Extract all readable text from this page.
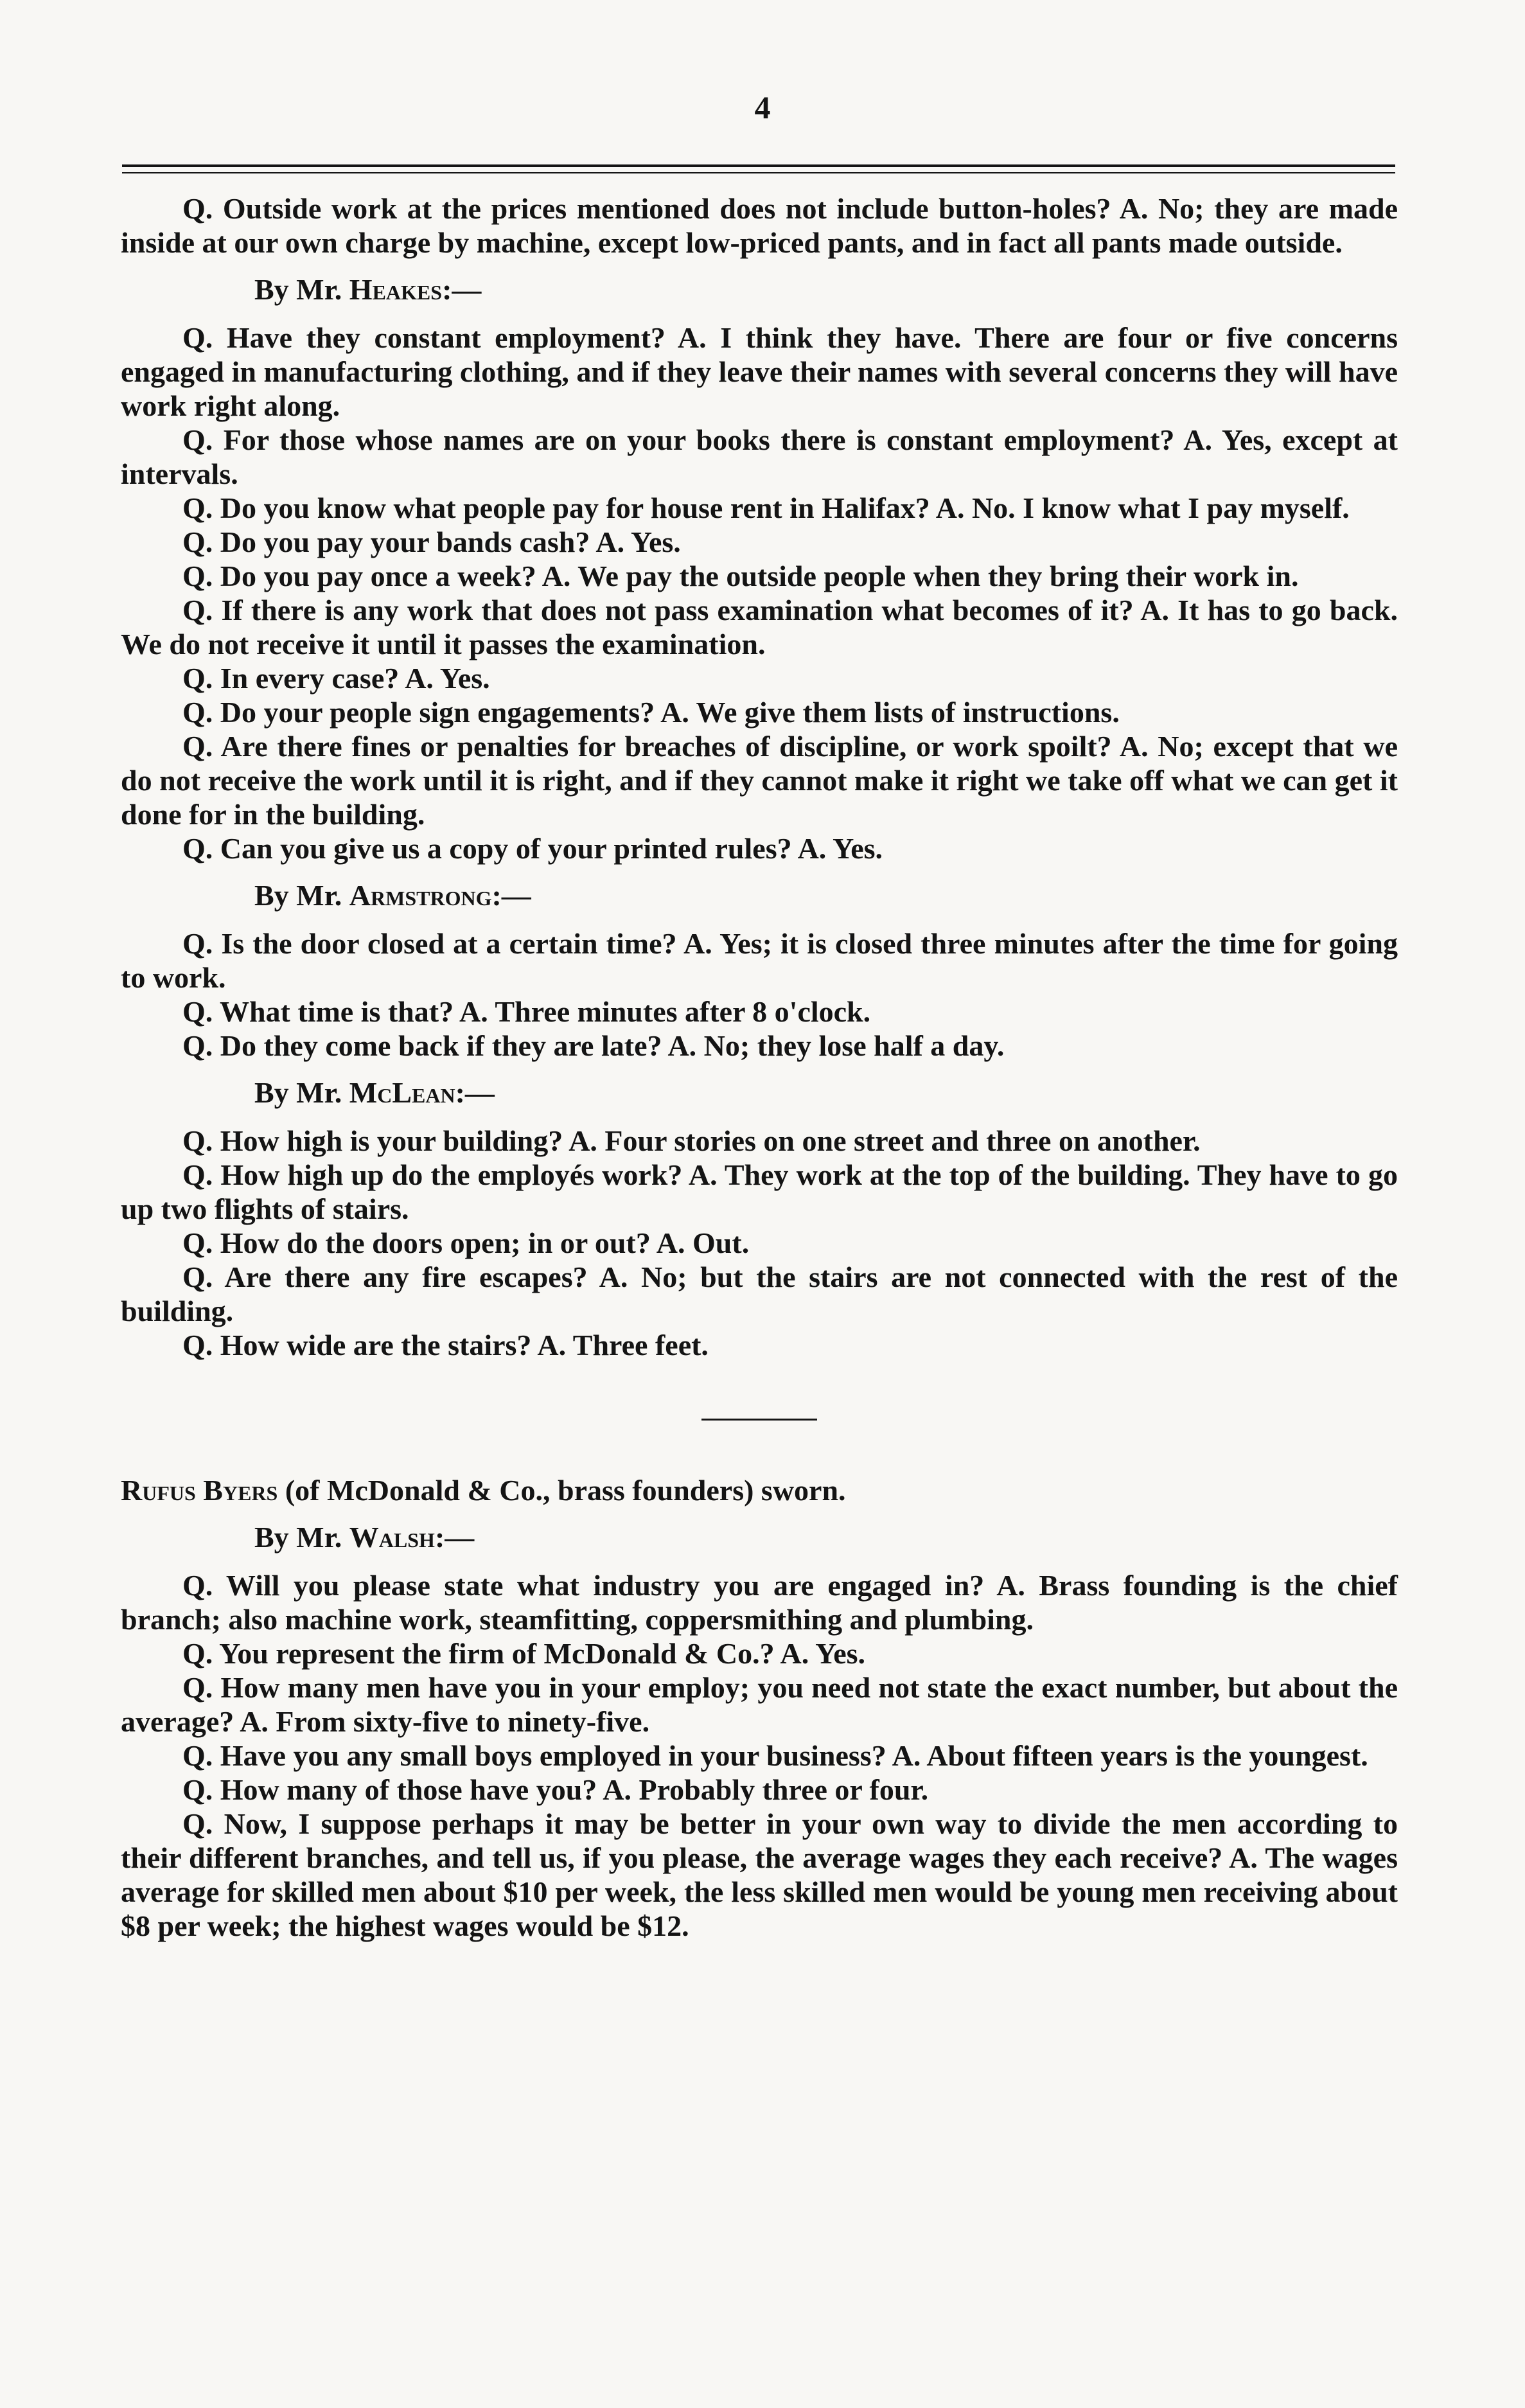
4

Q. Outside work at the prices mentioned does not include button-holes? A. No; they are made inside at our own charge by machine, except low-priced pants, and in fact all pants made outside.

By Mr. Heakes:—

Q. Have they constant employment? A. I think they have. There are four or five concerns engaged in manufacturing clothing, and if they leave their names with several concerns they will have work right along.

Q. For those whose names are on your books there is constant employment? A. Yes, except at intervals.

Q. Do you know what people pay for house rent in Halifax? A. No. I know what I pay myself.

Q. Do you pay your bands cash? A. Yes.

Q. Do you pay once a week? A. We pay the outside people when they bring their work in.

Q. If there is any work that does not pass examination what becomes of it? A. It has to go back. We do not receive it until it passes the examination.

Q. In every case? A. Yes.

Q. Do your people sign engagements? A. We give them lists of instructions.

Q. Are there fines or penalties for breaches of discipline, or work spoilt? A. No; except that we do not receive the work until it is right, and if they cannot make it right we take off what we can get it done for in the building.

Q. Can you give us a copy of your printed rules? A. Yes.

By Mr. Armstrong:—

Q. Is the door closed at a certain time? A. Yes; it is closed three minutes after the time for going to work.

Q. What time is that? A. Three minutes after 8 o'clock.

Q. Do they come back if they are late? A. No; they lose half a day.

By Mr. McLean:—

Q. How high is your building? A. Four stories on one street and three on another.

Q. How high up do the employés work? A. They work at the top of the building. They have to go up two flights of stairs.

Q. How do the doors open; in or out? A. Out.

Q. Are there any fire escapes? A. No; but the stairs are not connected with the rest of the building.

Q. How wide are the stairs? A. Three feet.

Rufus Byers (of McDonald & Co., brass founders) sworn.

By Mr. Walsh:—

Q. Will you please state what industry you are engaged in? A. Brass founding is the chief branch; also machine work, steamfitting, coppersmithing and plumbing.

Q. You represent the firm of McDonald & Co.? A. Yes.

Q. How many men have you in your employ; you need not state the exact number, but about the average? A. From sixty-five to ninety-five.

Q. Have you any small boys employed in your business? A. About fifteen years is the youngest.

Q. How many of those have you? A. Probably three or four.

Q. Now, I suppose perhaps it may be better in your own way to divide the men according to their different branches, and tell us, if you please, the average wages they each receive? A. The wages average for skilled men about $10 per week, the less skilled men would be young men receiving about $8 per week; the highest wages would be $12.
